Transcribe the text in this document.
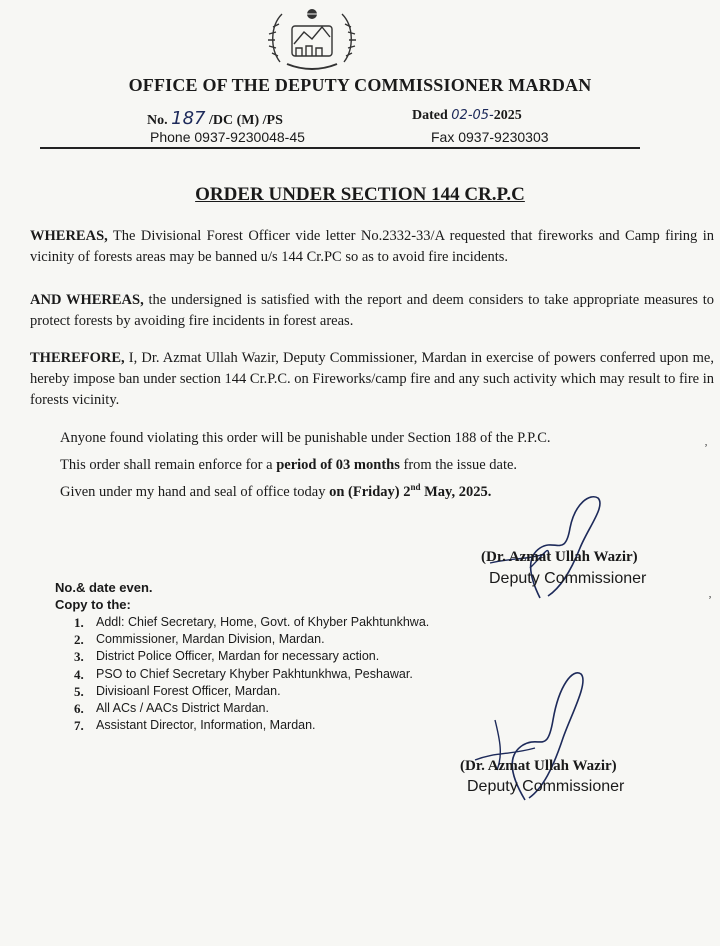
OFFICE OF THE DEPUTY COMMISSIONER MARDAN
No. 187 /DC (M) /PS
Phone 0937-9230048-45
Dated 02-05-2025
Fax 0937-9230303
ORDER UNDER SECTION 144 CR.P.C
WHEREAS, The Divisional Forest Officer vide letter No.2332-33/A requested that fireworks and Camp firing in vicinity of forests areas may be banned u/s 144 Cr.PC so as to avoid fire incidents.
AND WHEREAS, the undersigned is satisfied with the report and deem considers to take appropriate measures to protect forests by avoiding fire incidents in forest areas.
THEREFORE, I, Dr. Azmat Ullah Wazir, Deputy Commissioner, Mardan in exercise of powers conferred upon me, hereby impose ban under section 144 Cr.P.C. on Fireworks/camp fire and any such activity which may result to fire in forests vicinity.
Anyone found violating this order will be punishable under Section 188 of the P.P.C.
This order shall remain enforce for a period of 03 months from the issue date.
Given under my hand and seal of office today on (Friday) 2nd May, 2025.
(Dr. Azmat Ullah Wazir)
Deputy Commissioner
No.& date even.
Copy to the:
1. Addl: Chief Secretary, Home, Govt. of Khyber Pakhtunkhwa.
2. Commissioner, Mardan Division, Mardan.
3. District Police Officer, Mardan for necessary action.
4. PSO to Chief Secretary Khyber Pakhtunkhwa, Peshawar.
5. Divisioanl Forest Officer, Mardan.
6. All ACs / AACs District Mardan.
7. Assistant Director, Information, Mardan.
(Dr. Azmat Ullah Wazir)
Deputy Commissioner
ʼ
ʼ
